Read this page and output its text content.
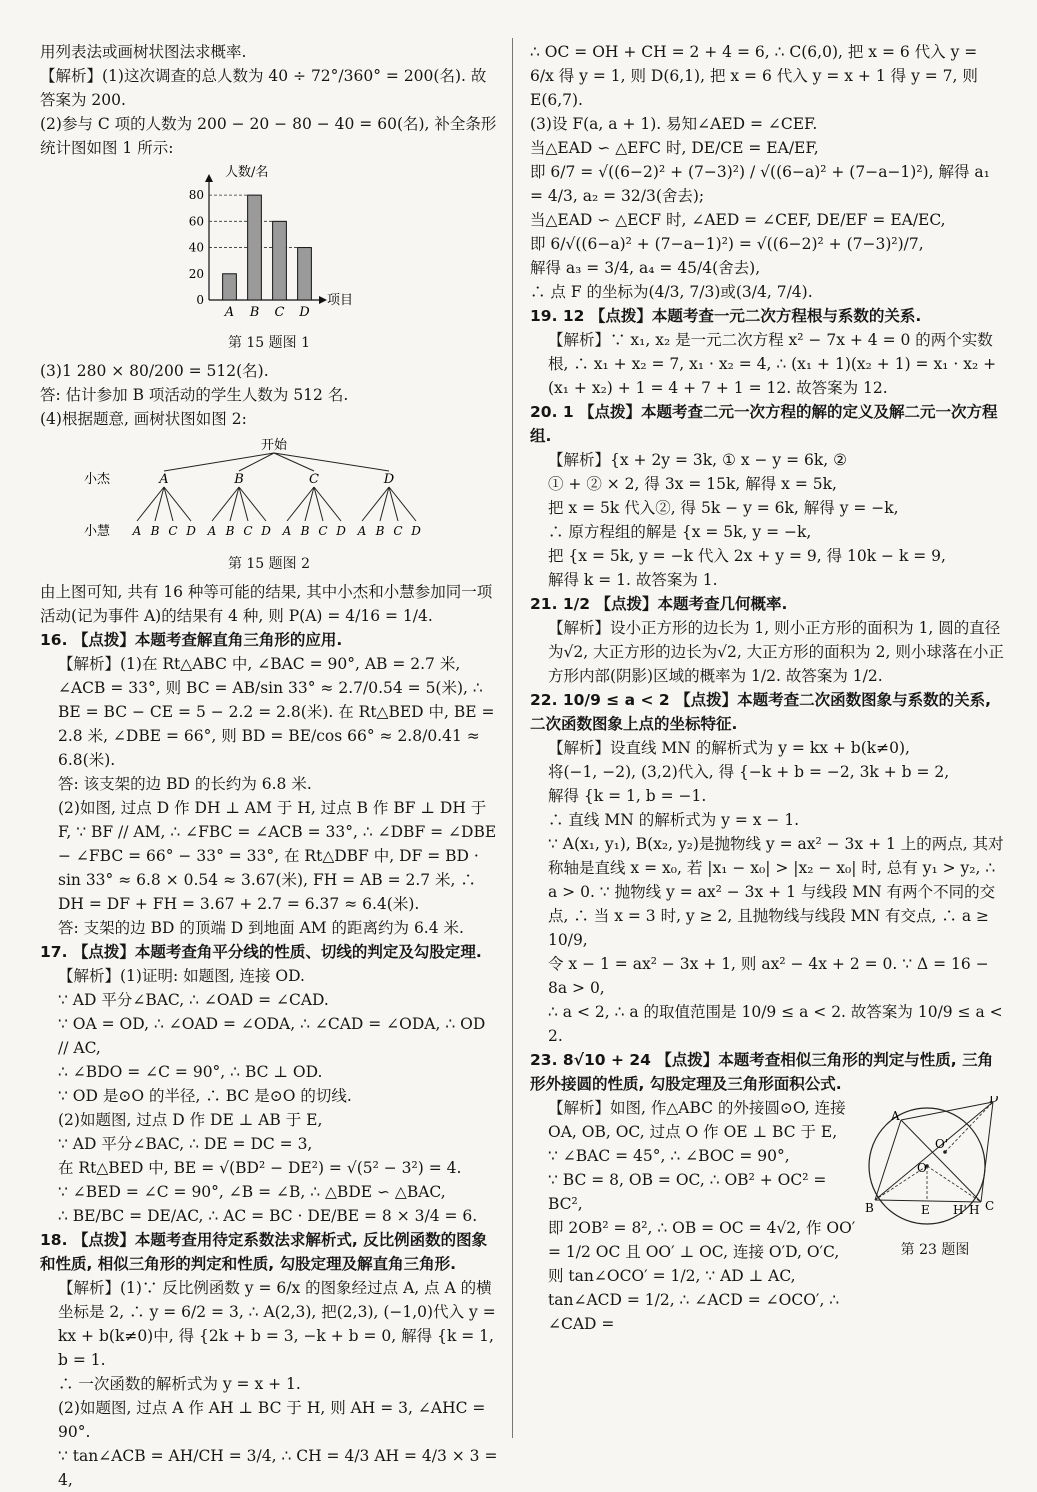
用列表法或画树状图法求概率.

【解析】(1)这次调查的总人数为 40 ÷ 72°/360° = 200(名). 故答案为 200.

(2)参与 C 项的人数为 200 − 20 − 80 − 40 = 60(名), 补全条形统计图如图 1 所示:

人数/名
项目
0
20
40
60
80
A B C D
第 15 题图 1

(3)1 280 × 80/200 = 512(名).

答: 估计参加 B 项活动的学生人数为 512 名.

(4)根据题意, 画树状图如图 2:

开始
小杰
小慧
A
A B C D
B
A B C D
C
A B C D
D
A B C D
第 15 题图 2

由上图可知, 共有 16 种等可能的结果, 其中小杰和小慧参加同一项活动(记为事件 A)的结果有 4 种, 则 P(A) = 4/16 = 1/4.

16. 【点拨】本题考查解直角三角形的应用.

【解析】(1)在 Rt△ABC 中, ∠BAC = 90°, AB = 2.7 米, ∠ACB = 33°, 则 BC = AB/sin 33° ≈ 2.7/0.54 = 5(米), ∴ BE = BC − CE = 5 − 2.2 = 2.8(米). 在 Rt△BED 中, BE = 2.8 米, ∠DBE = 66°, 则 BD = BE/cos 66° ≈ 2.8/0.41 ≈ 6.8(米).

答: 该支架的边 BD 的长约为 6.8 米.

(2)如图, 过点 D 作 DH ⊥ AM 于 H, 过点 B 作 BF ⊥ DH 于 F, ∵ BF // AM, ∴ ∠FBC = ∠ACB = 33°, ∴ ∠DBF = ∠DBE − ∠FBC = 66° − 33° = 33°, 在 Rt△DBF 中, DF = BD · sin 33° ≈ 6.8 × 0.54 ≈ 3.67(米), FH = AB = 2.7 米, ∴ DH = DF + FH = 3.67 + 2.7 = 6.37 ≈ 6.4(米).

答: 支架的边 BD 的顶端 D 到地面 AM 的距离约为 6.4 米.

17. 【点拨】本题考查角平分线的性质、切线的判定及勾股定理.

【解析】(1)证明: 如题图, 连接 OD.

∵ AD 平分∠BAC, ∴ ∠OAD = ∠CAD.

∵ OA = OD, ∴ ∠OAD = ∠ODA, ∴ ∠CAD = ∠ODA, ∴ OD // AC,

∴ ∠BDO = ∠C = 90°, ∴ BC ⊥ OD.

∵ OD 是⊙O 的半径, ∴ BC 是⊙O 的切线.

(2)如题图, 过点 D 作 DE ⊥ AB 于 E,

∵ AD 平分∠BAC, ∴ DE = DC = 3,

在 Rt△BED 中, BE = √(BD² − DE²) = √(5² − 3²) = 4.

∵ ∠BED = ∠C = 90°, ∠B = ∠B, ∴ △BDE ∽ △BAC,

∴ BE/BC = DE/AC, ∴ AC = BC · DE/BE = 8 × 3/4 = 6.

18. 【点拨】本题考查用待定系数法求解析式, 反比例函数的图象和性质, 相似三角形的判定和性质, 勾股定理及解直角三角形.

【解析】(1)∵ 反比例函数 y = 6/x 的图象经过点 A, 点 A 的横坐标是 2, ∴ y = 6/2 = 3, ∴ A(2,3), 把(2,3), (−1,0)代入 y = kx + b(k≠0)中, 得 {2k + b = 3, −k + b = 0, 解得 {k = 1, b = 1.

∴ 一次函数的解析式为 y = x + 1.

(2)如题图, 过点 A 作 AH ⊥ BC 于 H, 则 AH = 3, ∠AHC = 90°.

∵ tan∠ACB = AH/CH = 3/4, ∴ CH = 4/3 AH = 4/3 × 3 = 4,

∴ OC = OH + CH = 2 + 4 = 6, ∴ C(6,0), 把 x = 6 代入 y = 6/x 得 y = 1, 则 D(6,1), 把 x = 6 代入 y = x + 1 得 y = 7, 则 E(6,7).

(3)设 F(a, a + 1). 易知∠AED = ∠CEF.

当△EAD ∽ △EFC 时, DE/CE = EA/EF,

即 6/7 = √((6−2)² + (7−3)²) / √((6−a)² + (7−a−1)²), 解得 a₁ = 4/3, a₂ = 32/3(舍去);

当△EAD ∽ △ECF 时, ∠AED = ∠CEF, DE/EF = EA/EC,

即 6/√((6−a)² + (7−a−1)²) = √((6−2)² + (7−3)²)/7,

解得 a₃ = 3/4, a₄ = 45/4(舍去),

∴ 点 F 的坐标为(4/3, 7/3)或(3/4, 7/4).

19. 12 【点拨】本题考查一元二次方程根与系数的关系.

【解析】∵ x₁, x₂ 是一元二次方程 x² − 7x + 4 = 0 的两个实数根, ∴ x₁ + x₂ = 7, x₁ · x₂ = 4, ∴ (x₁ + 1)(x₂ + 1) = x₁ · x₂ + (x₁ + x₂) + 1 = 4 + 7 + 1 = 12. 故答案为 12.

20. 1 【点拨】本题考查二元一次方程的解的定义及解二元一次方程组.

【解析】{x + 2y = 3k, ① x − y = 6k, ②

① + ② × 2, 得 3x = 15k, 解得 x = 5k,

把 x = 5k 代入②, 得 5k − y = 6k, 解得 y = −k,

∴ 原方程组的解是 {x = 5k, y = −k,

把 {x = 5k, y = −k 代入 2x + y = 9, 得 10k − k = 9,

解得 k = 1. 故答案为 1.

21. 1/2 【点拨】本题考查几何概率.

【解析】设小正方形的边长为 1, 则小正方形的面积为 1, 圆的直径为√2, 大正方形的边长为√2, 大正方形的面积为 2, 则小球落在小正方形内部(阴影)区域的概率为 1/2. 故答案为 1/2.

22. 10/9 ≤ a < 2 【点拨】本题考查二次函数图象与系数的关系, 二次函数图象上点的坐标特征.

【解析】设直线 MN 的解析式为 y = kx + b(k≠0),

将(−1, −2), (3,2)代入, 得 {−k + b = −2, 3k + b = 2,

解得 {k = 1, b = −1.

∴ 直线 MN 的解析式为 y = x − 1.

∵ A(x₁, y₁), B(x₂, y₂)是抛物线 y = ax² − 3x + 1 上的两点, 其对称轴是直线 x = x₀, 若 |x₁ − x₀| > |x₂ − x₀| 时, 总有 y₁ > y₂, ∴ a > 0. ∵ 抛物线 y = ax² − 3x + 1 与线段 MN 有两个不同的交点, ∴ 当 x = 3 时, y ≥ 2, 且抛物线与线段 MN 有交点, ∴ a ≥ 10/9,

令 x − 1 = ax² − 3x + 1, 则 ax² − 4x + 2 = 0. ∵ Δ = 16 − 8a > 0,

∴ a < 2, ∴ a 的取值范围是 10/9 ≤ a < 2. 故答案为 10/9 ≤ a < 2.

23. 8√10 + 24 【点拨】本题考查相似三角形的判定与性质, 三角形外接圆的性质, 勾股定理及三角形面积公式.

【解析】如图, 作△ABC 的外接圆⊙O, 连接 OA, OB, OC, 过点 O 作 OE ⊥ BC 于 E,

∵ ∠BAC = 45°, ∴ ∠BOC = 90°,

∵ BC = 8, OB = OC, ∴ OB² + OC² = BC²,

即 2OB² = 8², ∴ OB = OC = 4√2, 作 OO′ = 1/2 OC 且 OO′ ⊥ OC, 连接 O′D, O′C,

则 tan∠OCO′ = 1/2, ∵ AD ⊥ AC, tan∠ACD = 1/2, ∴ ∠ACD = ∠OCO′, ∴ ∠CAD =

A
B	C
D
O
O'
E H' H
第 23 题图
